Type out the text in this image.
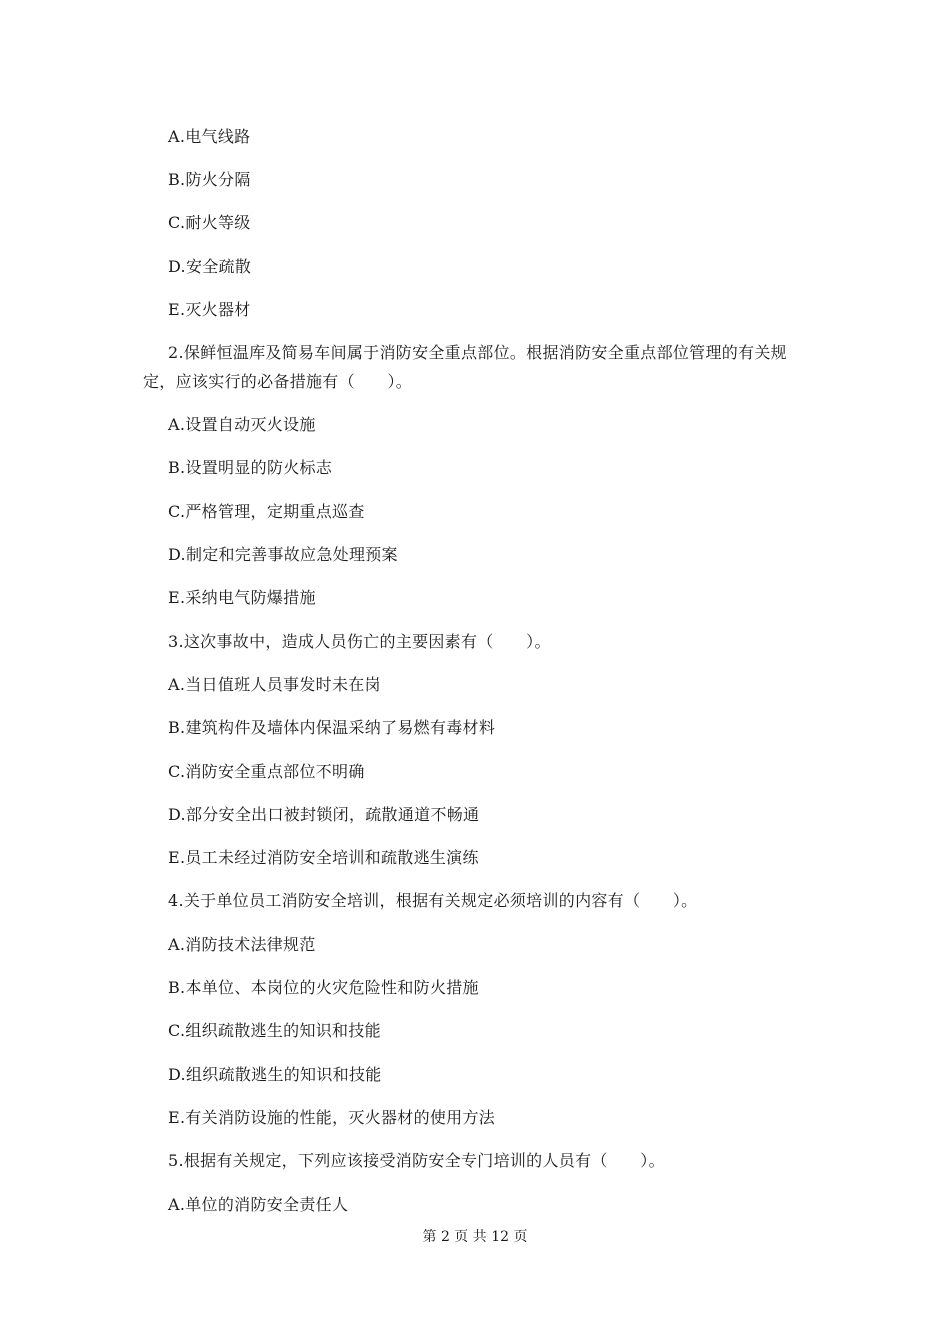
A.电气线路
B.防火分隔
C.耐火等级
D.安全疏散
E.灭火器材
2.保鲜恒温库及简易车间属于消防安全重点部位。根据消防安全重点部位管理的有关规
定，应该实行的必备措施有（　　）。
A.设置自动灭火设施
B.设置明显的防火标志
C.严格管理，定期重点巡查
D.制定和完善事故应急处理预案
E.采纳电气防爆措施
3.这次事故中，造成人员伤亡的主要因素有（　　）。
A.当日值班人员事发时未在岗
B.建筑构件及墙体内保温采纳了易燃有毒材料
C.消防安全重点部位不明确
D.部分安全出口被封锁闭，疏散通道不畅通
E.员工未经过消防安全培训和疏散逃生演练
4.关于单位员工消防安全培训，根据有关规定必须培训的内容有（　　）。
A.消防技术法律规范
B.本单位、本岗位的火灾危险性和防火措施
C.组织疏散逃生的知识和技能
D.组织疏散逃生的知识和技能
E.有关消防设施的性能，灭火器材的使用方法
5.根据有关规定，下列应该接受消防安全专门培训的人员有（　　）。
A.单位的消防安全责任人
第 2 页 共 12 页
